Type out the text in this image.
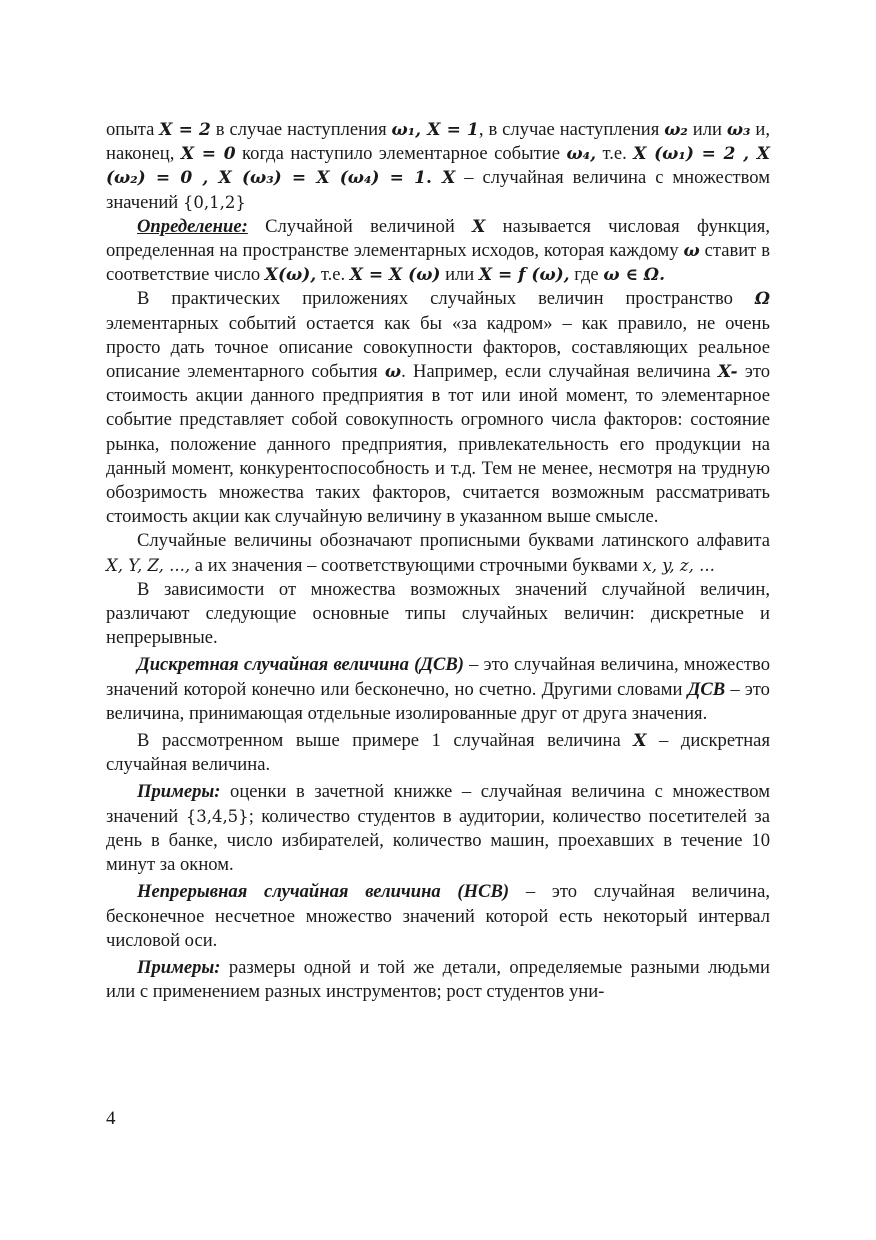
опыта X = 2 в случае наступления ω₁, X = 1, в случае наступления ω₂ или ω₃ и, наконец, X = 0 когда наступило элементарное событие ω₄, т.е. X (ω₁) = 2 , X (ω₂) = 0 , X (ω₃) = X (ω₄) = 1. X – случайная величина с множеством значений {0,1,2}

Определение: Случайной величиной X называется числовая функция, определенная на пространстве элементарных исходов, которая каждому ω ставит в соответствие число X(ω), т.е. X = X (ω) или X = f (ω), где ω ∈ Ω.

В практических приложениях случайных величин пространство Ω элементарных событий остается как бы «за кадром» – как правило, не очень просто дать точное описание совокупности факторов, составляющих реальное описание элементарного события ω. Например, если случайная величина X- это стоимость акции данного предприятия в тот или иной момент, то элементарное событие представляет собой совокупность огромного числа факторов: состояние рынка, положение данного предприятия, привлекательность его продукции на данный момент, конкурентоспособность и т.д. Тем не менее, несмотря на трудную обозримость множества таких факторов, считается возможным рассматривать стоимость акции как случайную величину в указанном выше смысле.

Случайные величины обозначают прописными буквами латинского алфавита X, Y, Z, ..., а их значения – соответствующими строчными буквами x, y, z, ...

В зависимости от множества возможных значений случайной величин, различают следующие основные типы случайных величин: дискретные и непрерывные.

Дискретная случайная величина (ДСВ) – это случайная величина, множество значений которой конечно или бесконечно, но счетно. Другими словами ДСВ – это величина, принимающая отдельные изолированные друг от друга значения.

В рассмотренном выше примере 1 случайная величина X – дискретная случайная величина.

Примеры: оценки в зачетной книжке – случайная величина с множеством значений {3,4,5}; количество студентов в аудитории, количество посетителей за день в банке, число избирателей, количество машин, проехавших в течение 10 минут за окном.

Непрерывная случайная величина (НСВ) – это случайная величина, бесконечное несчетное множество значений которой есть некоторый интервал числовой оси.

Примеры: размеры одной и той же детали, определяемые разными людьми или с применением разных инструментов; рост студентов уни-

4
